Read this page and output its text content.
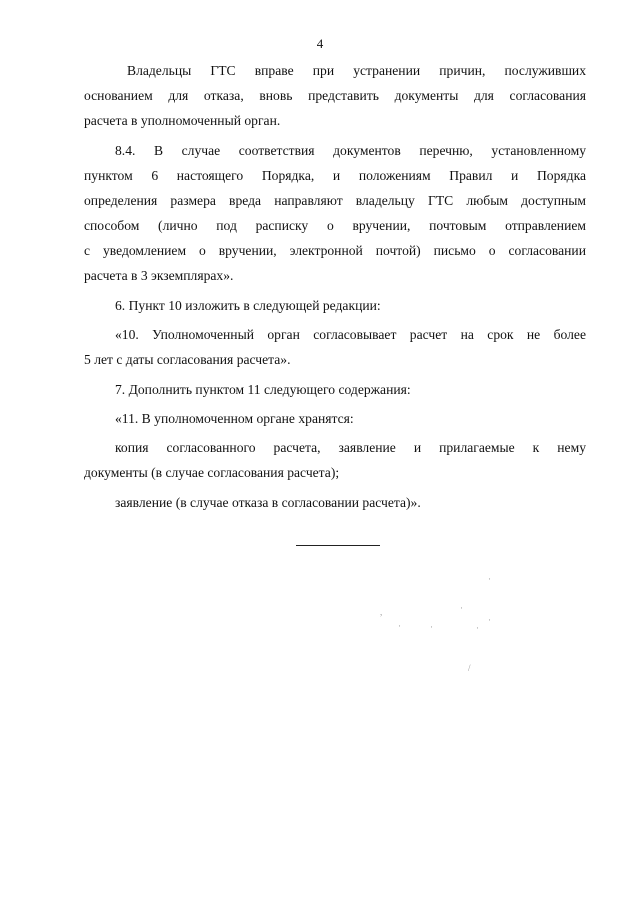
4
Владельцы ГТС вправе при устранении причин, послуживших
основанием для отказа, вновь представить документы для согласования
расчета в уполномоченный орган.
8.4. В случае соответствия документов перечню, установленному
пунктом 6 настоящего Порядка, и положениям Правил и Порядка
определения размера вреда направляют владельцу ГТС любым доступным
способом (лично под расписку о вручении, почтовым отправлением
с уведомлением о вручении, электронной почтой) письмо о согласовании
расчета в 3 экземплярах».
6. Пункт 10 изложить в следующей редакции:
«10. Уполномоченный орган согласовывает расчет на срок не более
5 лет с даты согласования расчета».
7. Дополнить пунктом 11 следующего содержания:
«11. В уполномоченном органе хранятся:
копия согласованного расчета, заявление и прилагаемые к нему
документы (в случае согласования расчета);
заявление (в случае отказа в согласовании расчета)».
·
,
·	·
·
·
·
/
